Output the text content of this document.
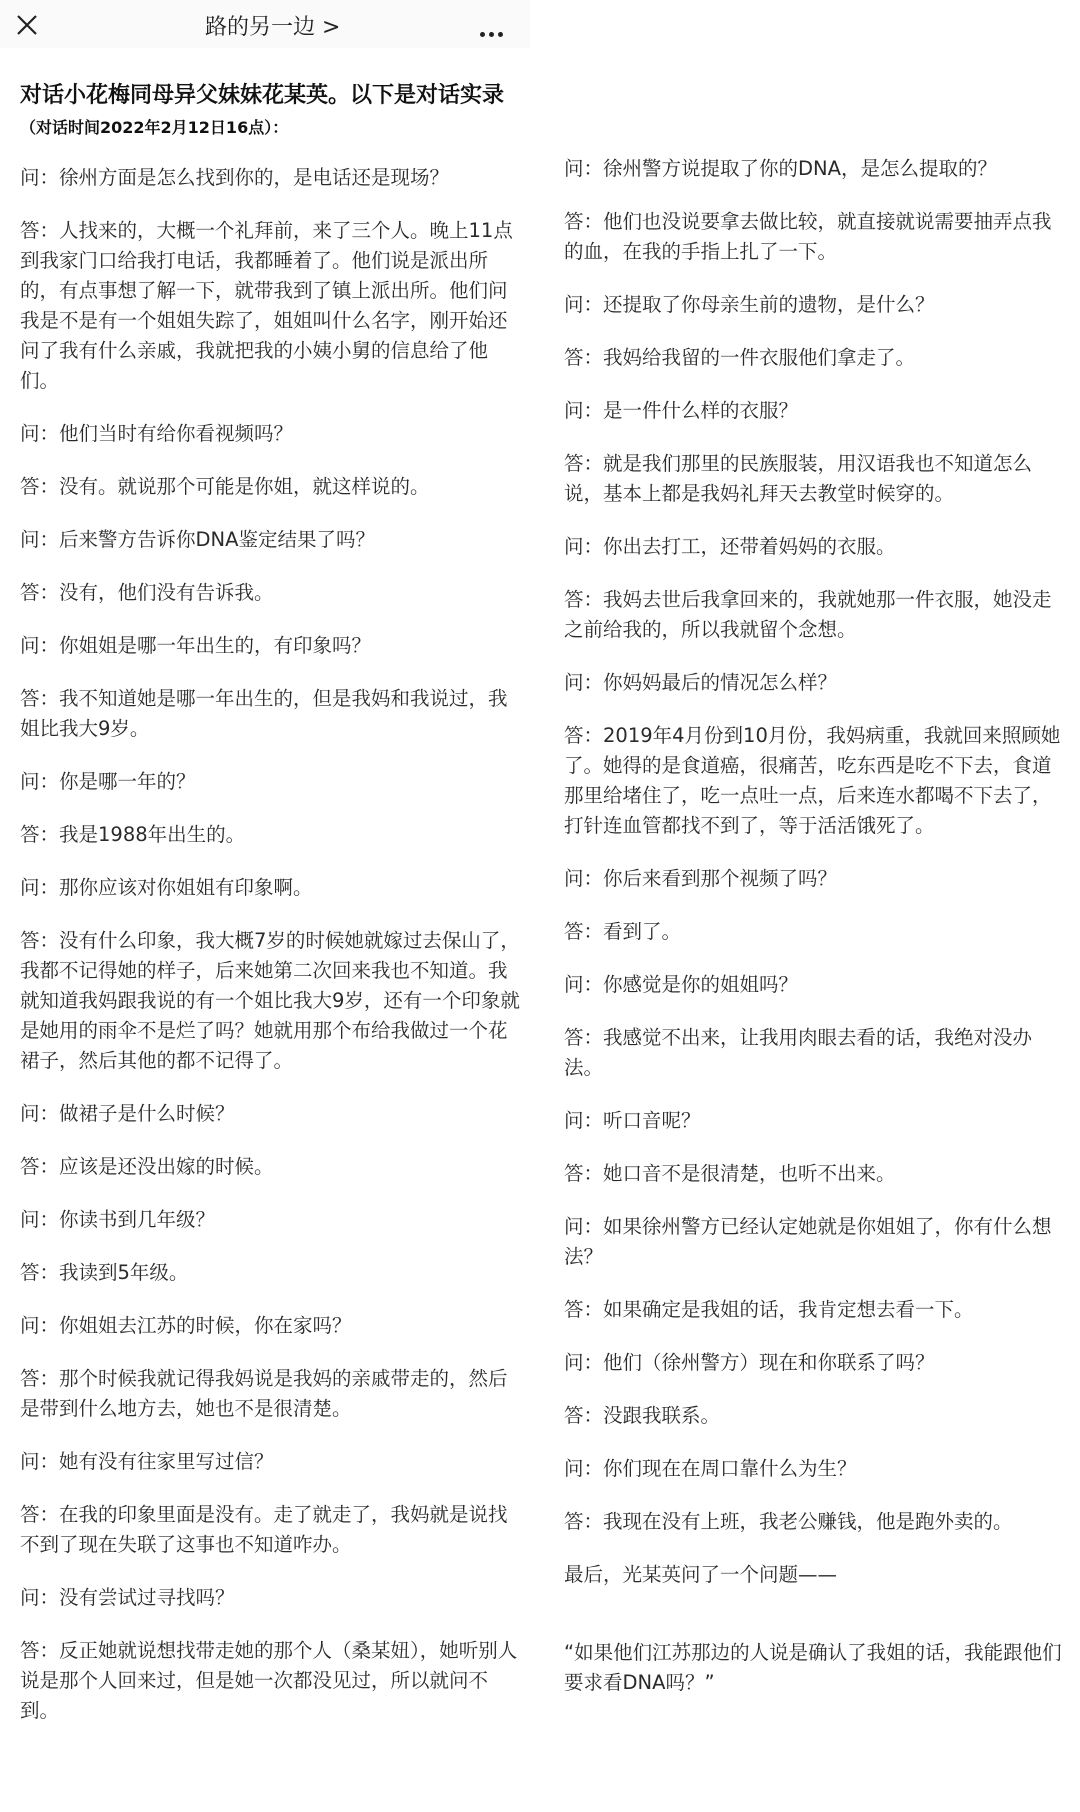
路的另一边 >
对话小花梅同母异父妹妹花某英。以下是对话实录（对话时间2022年2月12日16点）：

问：徐州方面是怎么找到你的，是电话还是现场？

答：人找来的，大概一个礼拜前，来了三个人。晚上11点到我家门口给我打电话，我都睡着了。他们说是派出所的，有点事想了解一下，就带我到了镇上派出所。他们问我是不是有一个姐姐失踪了，姐姐叫什么名字，刚开始还问了我有什么亲戚，我就把我的小姨小舅的信息给了他们。

问：他们当时有给你看视频吗？

答：没有。就说那个可能是你姐，就这样说的。

问：后来警方告诉你DNA鉴定结果了吗？

答：没有，他们没有告诉我。

问：你姐姐是哪一年出生的，有印象吗？

答：我不知道她是哪一年出生的，但是我妈和我说过，我姐比我大9岁。

问：你是哪一年的？

答：我是1988年出生的。

问：那你应该对你姐姐有印象啊。

答：没有什么印象，我大概7岁的时候她就嫁过去保山了，我都不记得她的样子，后来她第二次回来我也不知道。我就知道我妈跟我说的有一个姐比我大9岁，还有一个印象就是她用的雨伞不是烂了吗？她就用那个布给我做过一个花裙子，然后其他的都不记得了。

问：做裙子是什么时候？

答：应该是还没出嫁的时候。

问：你读书到几年级？

答：我读到5年级。

问：你姐姐去江苏的时候，你在家吗？

答：那个时候我就记得我妈说是我妈的亲戚带走的，然后是带到什么地方去，她也不是很清楚。

问：她有没有往家里写过信？

答：在我的印象里面是没有。走了就走了，我妈就是说找不到了现在失联了这事也不知道咋办。

问：没有尝试过寻找吗？

答：反正她就说想找带走她的那个人（桑某妞），她听别人说是那个人回来过，但是她一次都没见过，所以就问不到。

问：徐州警方说提取了你的DNA，是怎么提取的？

答：他们也没说要拿去做比较，就直接就说需要抽弄点我的血，在我的手指上扎了一下。

问：还提取了你母亲生前的遗物，是什么？

答：我妈给我留的一件衣服他们拿走了。

问：是一件什么样的衣服？

答：就是我们那里的民族服装，用汉语我也不知道怎么说，基本上都是我妈礼拜天去教堂时候穿的。

问：你出去打工，还带着妈妈的衣服。

答：我妈去世后我拿回来的，我就她那一件衣服，她没走之前给我的，所以我就留个念想。

问：你妈妈最后的情况怎么样？

答：2019年4月份到10月份，我妈病重，我就回来照顾她了。她得的是食道癌，很痛苦，吃东西是吃不下去，食道那里给堵住了，吃一点吐一点，后来连水都喝不下去了，打针连血管都找不到了，等于活活饿死了。

问：你后来看到那个视频了吗？

答：看到了。

问：你感觉是你的姐姐吗？

答：我感觉不出来，让我用肉眼去看的话，我绝对没办法。

问：听口音呢？

答：她口音不是很清楚，也听不出来。

问：如果徐州警方已经认定她就是你姐姐了，你有什么想法？

答：如果确定是我姐的话，我肯定想去看一下。

问：他们（徐州警方）现在和你联系了吗？

答：没跟我联系。

问：你们现在在周口靠什么为生？

答：我现在没有上班，我老公赚钱，他是跑外卖的。

最后，光某英问了一个问题——

“如果他们江苏那边的人说是确认了我姐的话，我能跟他们要求看DNA吗？”
